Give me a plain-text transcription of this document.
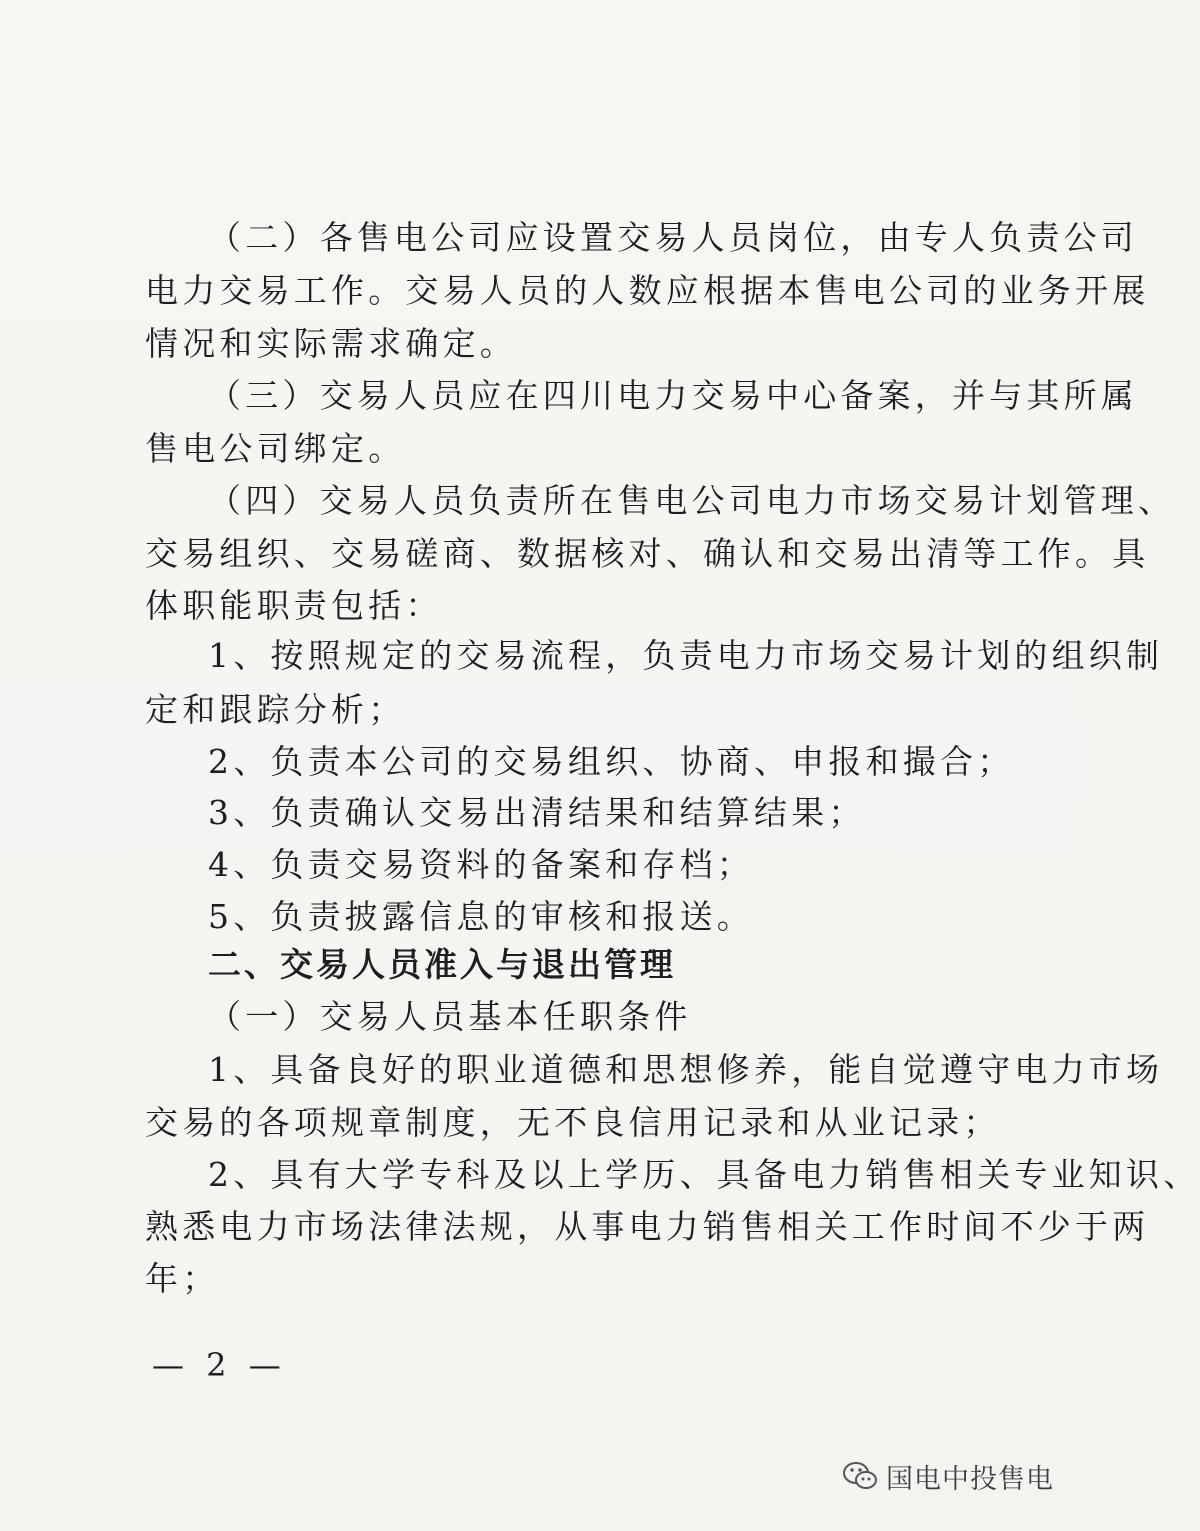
（二）各售电公司应设置交易人员岗位，由专人负责公司
电力交易工作。交易人员的人数应根据本售电公司的业务开展
情况和实际需求确定。
（三）交易人员应在四川电力交易中心备案，并与其所属
售电公司绑定。
（四）交易人员负责所在售电公司电力市场交易计划管理、
交易组织、交易磋商、数据核对、确认和交易出清等工作。具
体职能职责包括：
1、按照规定的交易流程，负责电力市场交易计划的组织制
定和跟踪分析；
2、负责本公司的交易组织、协商、申报和撮合；
3、负责确认交易出清结果和结算结果；
4、负责交易资料的备案和存档；
5、负责披露信息的审核和报送。
二、交易人员准入与退出管理
（一）交易人员基本任职条件
1、具备良好的职业道德和思想修养，能自觉遵守电力市场
交易的各项规章制度，无不良信用记录和从业记录；
2、具有大学专科及以上学历、具备电力销售相关专业知识、
熟悉电力市场法律法规，从事电力销售相关工作时间不少于两
年；
— 2 —
国电中投售电
